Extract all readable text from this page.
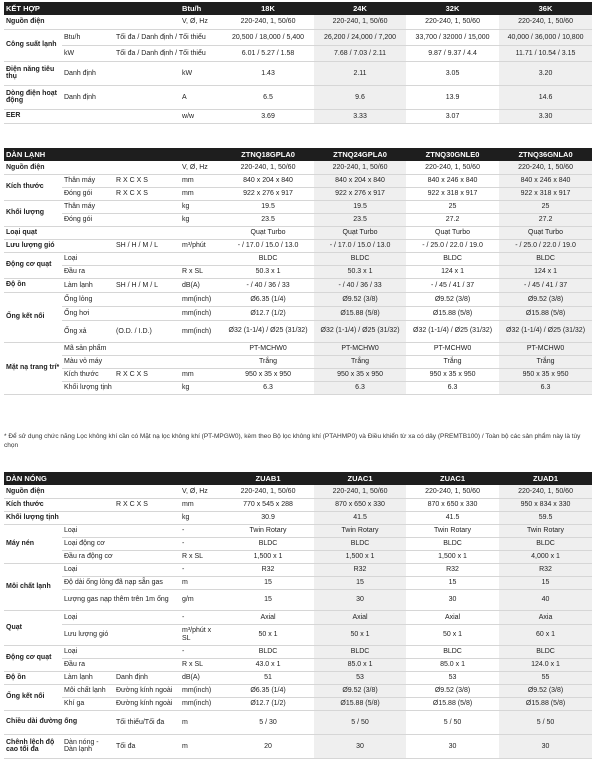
KẾT HỢP			Btu/h	18K	24K	32K	36K
Nguồn điện			V, Ø, Hz	220-240, 1, 50/60	220-240, 1, 50/60	220-240, 1, 50/60	220-240, 1, 50/60
Công suất lạnh	Btu/h	Tối đa / Danh định / Tối thiểu		20,500 / 18,000 / 5,400	26,200 / 24,000 / 7,200	33,700 / 32000 / 15,000	40,000 / 36,000 / 10,800
	kW	Tối đa / Danh định / Tối thiểu		6.01 / 5.27 / 1.58	7.68 / 7.03 / 2.11	9.87 / 9.37 / 4.4	11.71 / 10.54 / 3.15
Điện năng tiêu thụ	Danh định		kW	1.43	2.11	3.05	3.20
Dòng điện hoạt động	Danh định		A	6.5	9.6	13.9	14.6
EER			w/w	3.69	3.33	3.07	3.30
DÀN LẠNH				ZTNQ18GPLA0	ZTNQ24GPLA0	ZTNQ30GNLE0	ZTNQ36GNLA0
Nguồn điện			V, Ø, Hz	220-240, 1, 50/60	220-240, 1, 50/60	220-240, 1, 50/60	220-240, 1, 50/60
Kích thước	Thân máy	R X C X S	mm	840 x 204 x 840	840 x 204 x 840	840 x 246 x 840	840 x 246 x 840
	Đóng gói	R X C X S	mm	922 x 276 x 917	922 x 276 x 917	922 x 318 x 917	922 x 318 x 917
Khối lượng	Thân máy		kg	19.5	19.5	25	25
	Đóng gói		kg	23.5	23.5	27.2	27.2
Loại quạt				Quạt Turbo	Quạt Turbo	Quạt Turbo	Quạt Turbo
Lưu lượng gió		SH / H / M / L	m³/phút	- / 17.0 / 15.0 / 13.0	- / 17.0 / 15.0 / 13.0	- / 25.0 / 22.0 / 19.0	- / 25.0 / 22.0 / 19.0
Động cơ quạt	Loại			BLDC	BLDC	BLDC	BLDC
	Đầu ra		R x SL	50.3 x 1	50.3 x 1	124 x 1	124 x 1
Độ ồn	Làm lạnh	SH / H / M / L	dB(A)	- / 40 / 36 / 33	- / 40 / 36 / 33	- / 45 / 41 / 37	- / 45 / 41 / 37
Ống kết nối	Ống lỏng		mm(inch)	Ø6.35 (1/4)	Ø9.52 (3/8)	Ø9.52 (3/8)	Ø9.52 (3/8)
	Ống hơi		mm(inch)	Ø12.7 (1/2)	Ø15.88 (5/8)	Ø15.88 (5/8)	Ø15.88 (5/8)
	Ống xả	(O.D. / I.D.)	mm(inch)	Ø32 (1-1/4) / Ø25 (31/32)	Ø32 (1-1/4) / Ø25 (31/32)	Ø32 (1-1/4) / Ø25 (31/32)	Ø32 (1-1/4) / Ø25 (31/32)
Mặt nạ trang trí*	Mã sản phẩm			PT-MCHW0	PT-MCHW0	PT-MCHW0	PT-MCHW0
	Màu vỏ máy			Trắng	Trắng	Trắng	Trắng
	Kích thước	R X C X S	mm	950 x 35 x 950	950 x 35 x 950	950 x 35 x 950	950 x 35 x 950
	Khối lượng tịnh		kg	6.3	6.3	6.3	6.3
* Để sử dụng chức năng Lọc không khí cần có Mặt nạ lọc không khí (PT-MPGW0), kèm theo Bộ lọc không khí (PTAHMP0) và Điều khiển từ xa có dây (PREMTB100) / Toàn bộ các sản phẩm này là tùy chọn
DÀN NÓNG				ZUAB1	ZUAC1	ZUAC1	ZUAD1
Nguồn điện			V, Ø, Hz	220-240, 1, 50/60	220-240, 1, 50/60	220-240, 1, 50/60	220-240, 1, 50/60
Kích thước		R X C X S	mm	770 x 545 x 288	870 x 650 x 330	870 x 650 x 330	950 x 834 x 330
Khối lượng tịnh			kg	30.9	41.5	41.5	59.5
Máy nén	Loại		-	Twin Rotary	Twin Rotary	Twin Rotary	Twin Rotary
	Loại động cơ		-	BLDC	BLDC	BLDC	BLDC
	Đầu ra động cơ		R x SL	1,500 x 1	1,500 x 1	1,500 x 1	4,000 x 1
Môi chất lạnh	Loại		-	R32	R32	R32	R32
	Độ dài ống lỏng đã nạp sẵn gas		m	15	15	15	15
	Lượng gas nạp thêm trên 1m ống		g/m	15	30	30	40
Quạt	Loại		-	Axial	Axial	Axial	Axia
	Lưu lượng gió		m³/phút x SL	50 x 1	50 x 1	50 x 1	60 x 1
Động cơ quạt	Loại		-	BLDC	BLDC	BLDC	BLDC
	Đầu ra		R x SL	43.0 x 1	85.0 x 1	85.0 x 1	124.0 x 1
Độ ồn	Làm lạnh	Danh định	dB(A)	51	53	53	55
Ống kết nối	Môi chất lạnh	Đường kính ngoài	mm(inch)	Ø6.35 (1/4)	Ø9.52 (3/8)	Ø9.52 (3/8)	Ø9.52 (3/8)
	Khí ga	Đường kính ngoài	mm(inch)	Ø12.7 (1/2)	Ø15.88 (5/8)	Ø15.88 (5/8)	Ø15.88 (5/8)
Chiều dài đường ống		Tối thiểu/Tối đa	m	5 / 30	5 / 50	5 / 50	5 / 50
Chênh lệch độ cao tối đa	Dàn nóng - Dàn lạnh	Tối đa	m	20	30	30	30
